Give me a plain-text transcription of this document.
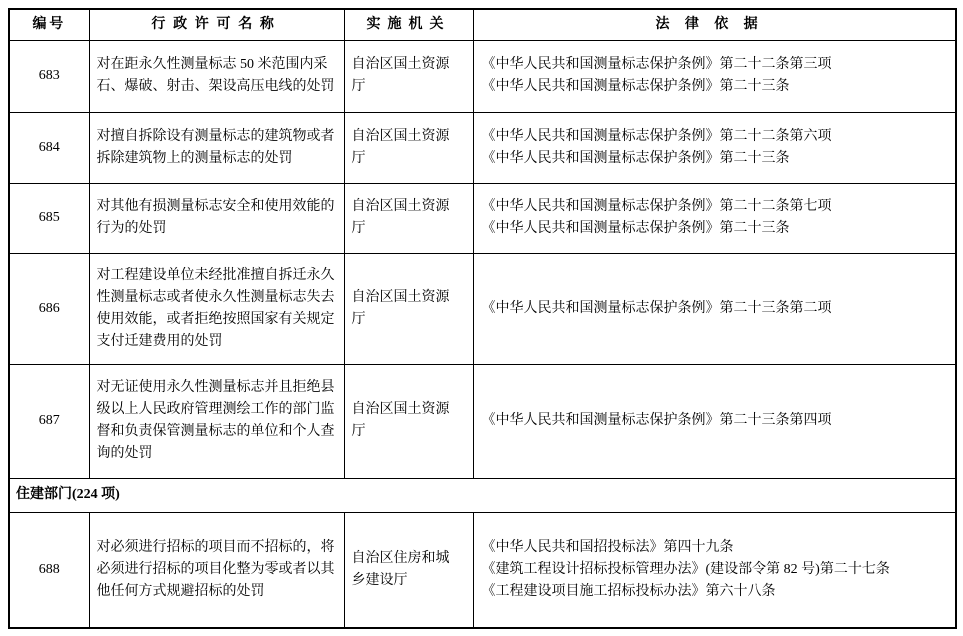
编号	行政许可名称	实施机关	法律依据
683	对在距永久性测量标志 50 米范围内采石、爆破、射击、架设高压电线的处罚	自治区国土资源厅	《中华人民共和国测量标志保护条例》第二十二条第三项
《中华人民共和国测量标志保护条例》第二十三条

684	对擅自拆除设有测量标志的建筑物或者拆除建筑物上的测量标志的处罚	自治区国土资源厅	《中华人民共和国测量标志保护条例》第二十二条第六项
《中华人民共和国测量标志保护条例》第二十三条

685	对其他有损测量标志安全和使用效能的行为的处罚	自治区国土资源厅	《中华人民共和国测量标志保护条例》第二十二条第七项
《中华人民共和国测量标志保护条例》第二十三条

686	对工程建设单位未经批准擅自拆迁永久性测量标志或者使永久性测量标志失去使用效能，或者拒绝按照国家有关规定支付迁建费用的处罚	自治区国土资源厅	《中华人民共和国测量标志保护条例》第二十三条第二项

687	对无证使用永久性测量标志并且拒绝县级以上人民政府管理测绘工作的部门监督和负责保管测量标志的单位和个人查询的处罚	自治区国土资源厅	《中华人民共和国测量标志保护条例》第二十三条第四项

住建部门(224 项)			
688	对必须进行招标的项目而不招标的，将必须进行招标的项目化整为零或者以其他任何方式规避招标的处罚	自治区住房和城乡建设厅	《中华人民共和国招投标法》第四十九条
《建筑工程设计招标投标管理办法》(建设部令第 82 号)第二十七条
《工程建设项目施工招标投标办法》第六十八条
